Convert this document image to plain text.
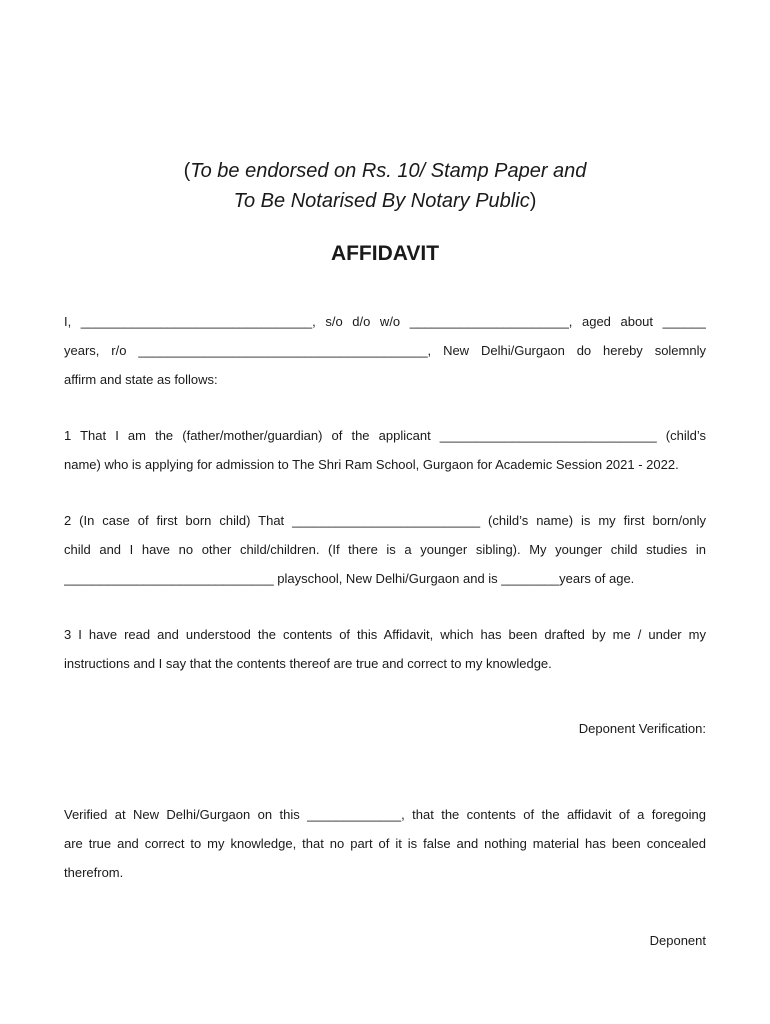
(To be endorsed on Rs. 10/ Stamp Paper and
To Be Notarised By Notary Public)
AFFIDAVIT
I, ________________________________, s/o d/o w/o ______________________, aged about ______
years, r/o ________________________________________, New Delhi/Gurgaon do hereby solemnly
affirm and state as follows:
1 That I am the (father/mother/guardian) of the applicant ______________________________ (child’s
name) who is applying for admission to The Shri Ram School, Gurgaon for Academic Session 2021 - 2022.
2 (In case of first born child) That __________________________ (child’s name) is my first born/only
child and I have no other child/children. (If there is a younger sibling). My younger child studies in
_____________________________ playschool, New Delhi/Gurgaon and is ________years of age.
3 I have read and understood the contents of this Affidavit, which has been drafted by me / under my
instructions and I say that the contents thereof are true and correct to my knowledge.
Deponent Verification:
Verified at New Delhi/Gurgaon on this _____________, that the contents of the affidavit of a foregoing
are true and correct to my knowledge, that no part of it is false and nothing material has been concealed
therefrom.
Deponent
